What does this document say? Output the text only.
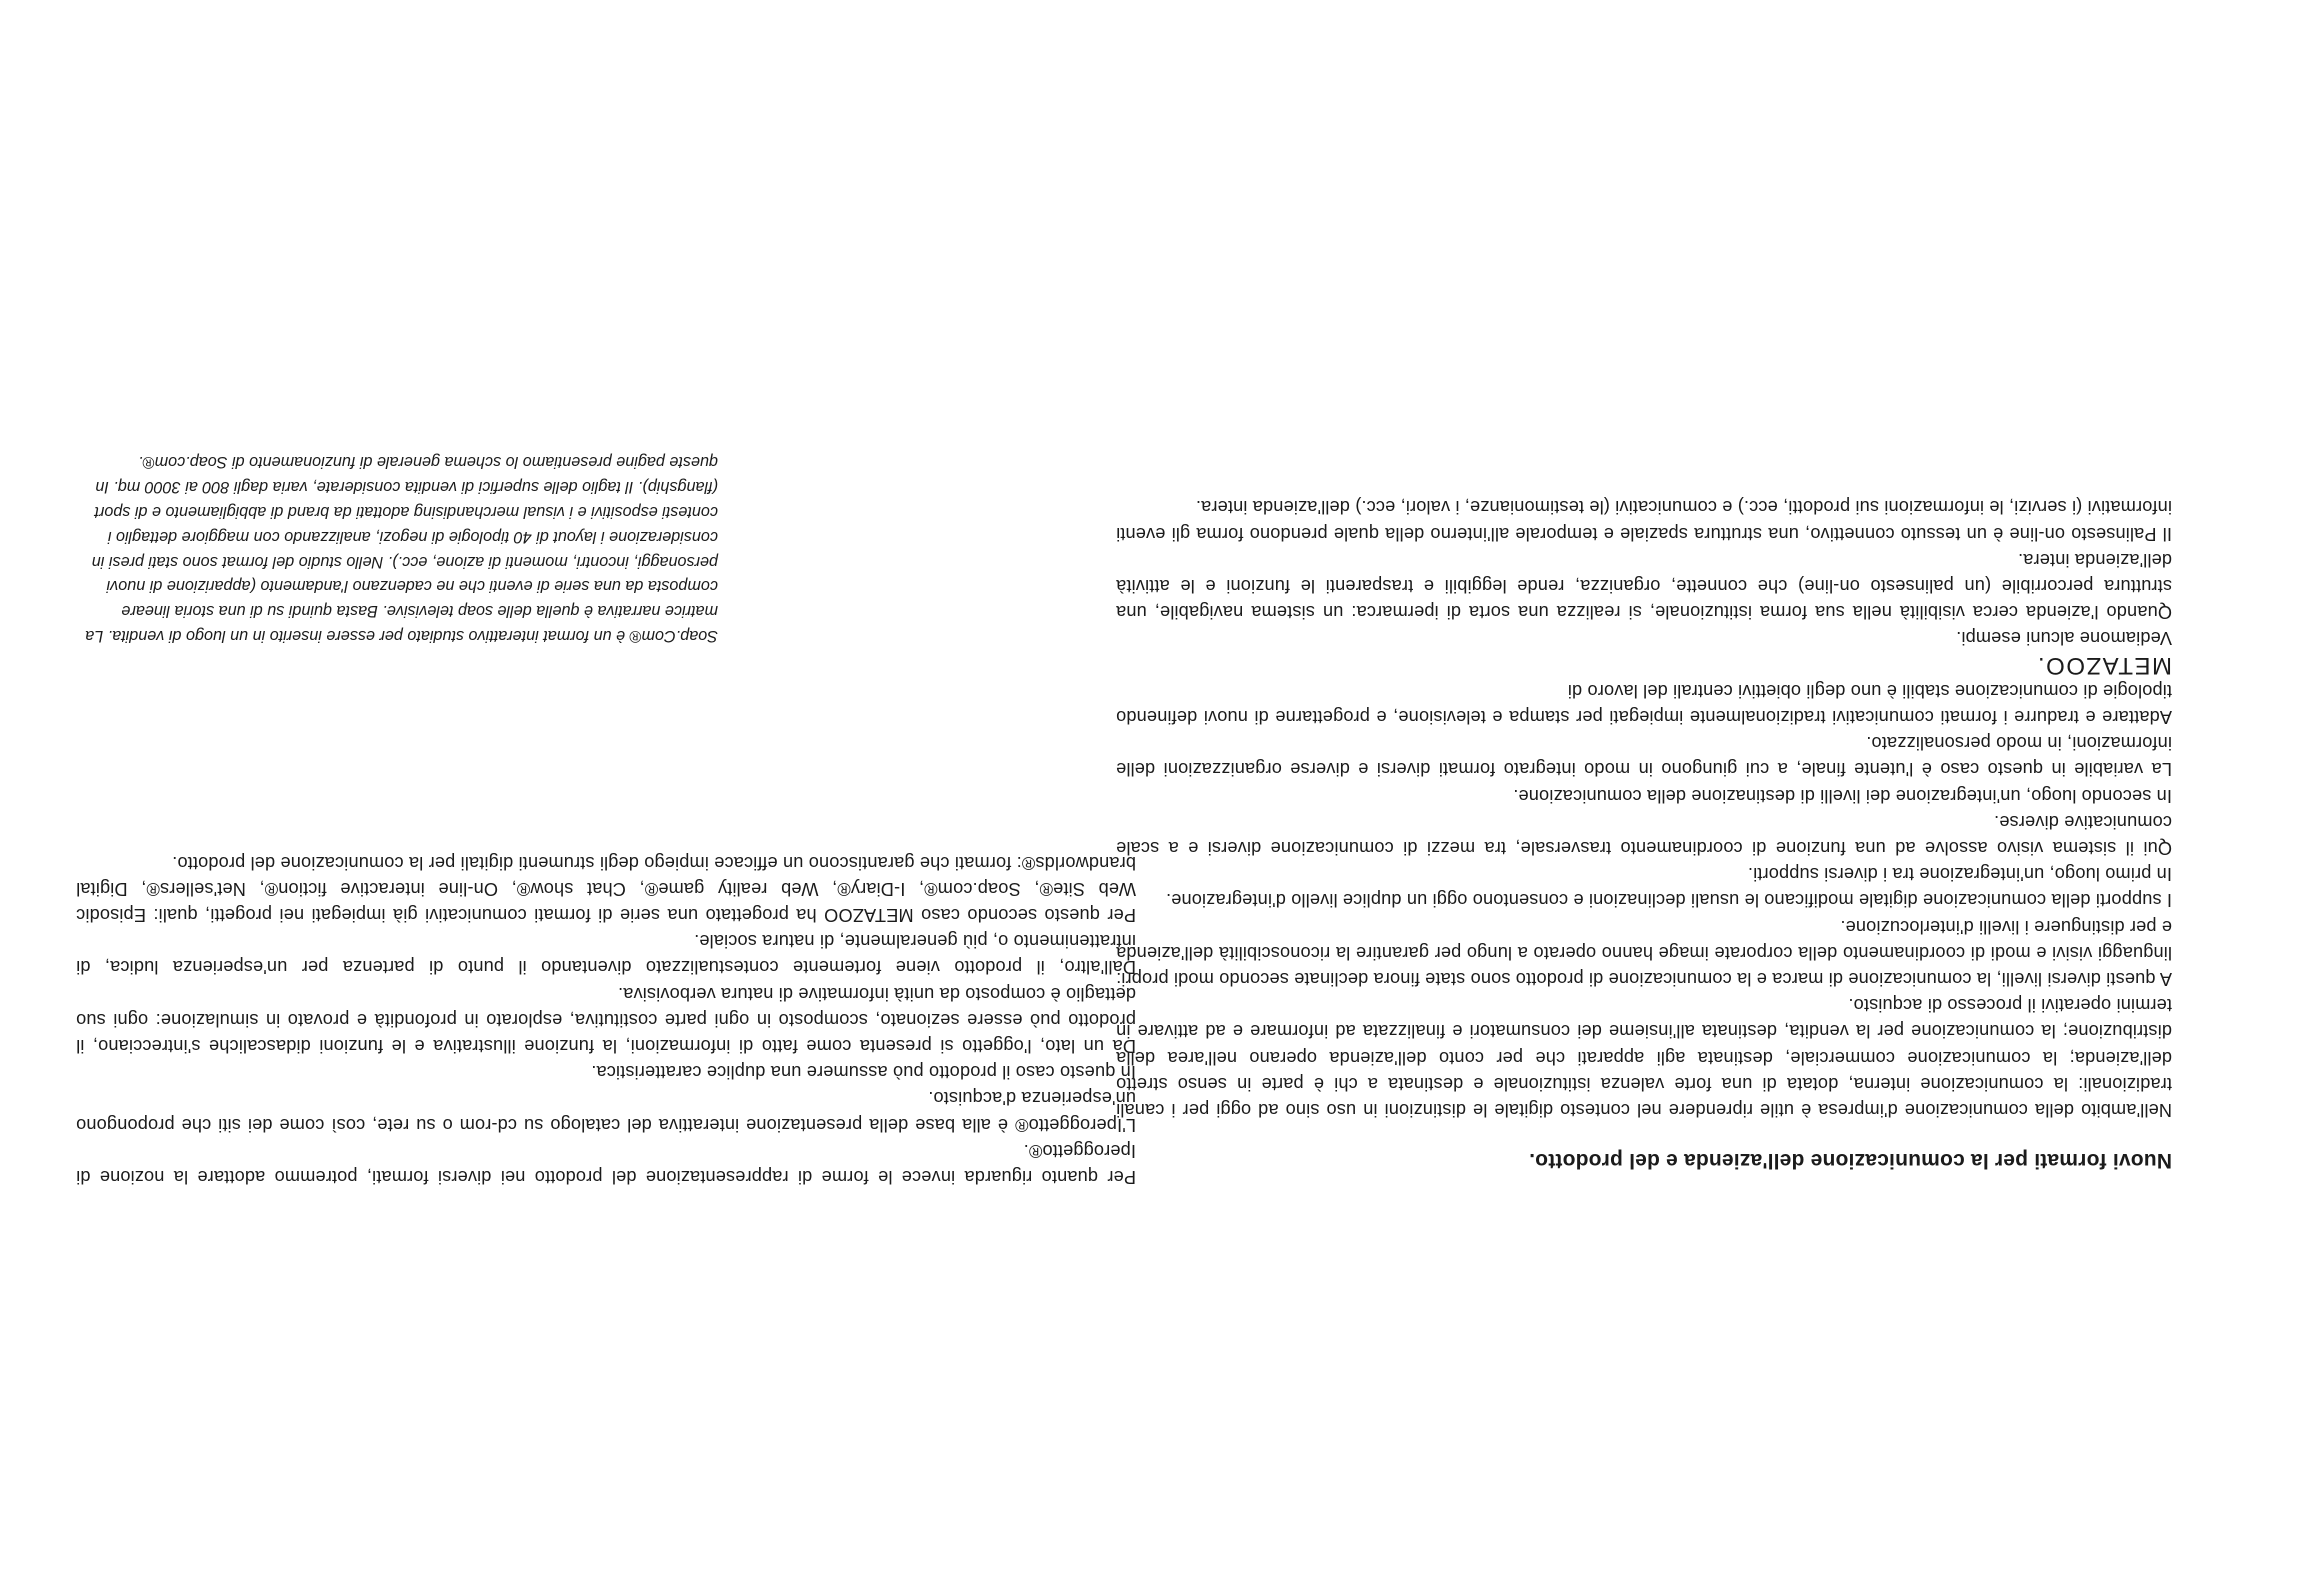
Nuovi formati per la comunicazione dell'azienda e del prodotto.

Nell'ambito della comunicazione d'impresa è utile riprendere nel contesto digitale le distinzioni in uso sino ad oggi per i canali tradizionali: la comunicazione interna, dotata di una forte valenza istituzionale e destinata a chi è parte in senso stretto dell'azienda; la comunicazione commerciale, destinata agli apparati che per conto dell'azienda operano nell'area della distribuzione; la comunicazione per la vendita, destinata all'insieme dei consumatori e finalizzata ad informare e ad attivare in termini operativi il processo di acquisto.

A questi diversi livelli, la comunicazione di marca e la comunicazione di prodotto sono state finora declinate secondo modi propri: linguaggi visivi e modi di coordinamento della corporate image hanno operato a lungo per garantire la riconoscibilità dell'azienda e per distinguere i livelli d'interlocuzione.

I supporti della comunicazione digitale modificano le usuali declinazioni e consentono oggi un duplice livello d'integrazione.

In primo luogo, un'integrazione tra i diversi supporti.

Qui il sistema visivo assolve ad una funzione di coordinamento trasversale, tra mezzi di comunicazione diversi e a scale comunicative diverse.

In secondo luogo, un'integrazione dei livelli di destinazione della comunicazione.

La variabile in questo caso è l'utente finale, a cui giungono in modo integrato formati diversi e diverse organizzazioni delle informazioni, in modo personalizzato.

Adattare e tradurre i formati comunicativi tradizionalmente impiegati per stampa e televisione, e progettarne di nuovi definendo tipologie di comunicazione stabili è uno degli obiettivi centrali del lavoro di

METAZOO.

Vediamone alcuni esempi.

Quando l'azienda cerca visibilità nella sua forma istituzionale, si realizza una sorta di ipermarca: un sistema navigabile, una struttura percorribile (un palinsesto on-line) che connette, organizza, rende leggibili e trasparenti le funzioni e le attività dell'azienda intera.

Il Palinsesto on-line è un tessuto connettivo, una struttura spaziale e temporale all'interno della quale prendono forma gli eventi informativi (i servizi, le informazioni sui prodotti, ecc.) e comunicativi (le testimonianze, i valori, ecc.) dell'azienda intera.

Per quanto riguarda invece le forme di rappresentazione del prodotto nei diversi formati, potremmo adottare la nozione di Iperoggetto®.

L'Iperoggetto® è alla base della presentazione interattiva del catalogo su cd-rom o su rete, così come dei siti che propongono un'esperienza d'acquisto.

In questo caso il prodotto può assumere una duplice caratteristica.

Da un lato, l'oggetto si presenta come fatto di informazioni, la funzione illustrativa e le funzioni didascaliche s'intrecciano, il prodotto può essere sezionato, scomposto in ogni parte costitutiva, esplorato in profondità e provato in simulazione: ogni suo dettaglio è composto da unità informative di natura verbovisiva.

Dall'altro, il prodotto viene fortemente contestualizzato diventando il punto di partenza per un'esperienza ludica, di intrattenimento o, più generalmente, di natura sociale.

Per questo secondo caso METAZOO ha progettato una serie di formati comunicativi già impiegati nei progetti, quali: Episodic Web Site®, Soap.com®, I-Diary®, Web reality game®, Chat show®, On-line interactive fiction®, Net'sellers®, Digital brandworlds®: formati che garantiscono un efficace impiego degli strumenti digitali per la comunicazione del prodotto.

Soap.Com® è un format interattivo studiato per essere inserito in un luogo di vendita. La matrice narrativa è quella delle soap televisive. Basta quindi su di una storia lineare composta da una serie di eventi che ne cadenzano l'andamento (apparizione di nuovi personaggi, incontri, momenti di azione, ecc.). Nello studio del format sono stati presi in considerazione i layout di 40 tipologie di negozi, analizzando con maggiore dettaglio i contesti espositivi e i visual merchandising adottati da brand di abbigliamento e di sport (flangship). Il taglio delle superfici di vendita considerate, varia dagli 800 ai 3000 mq. In queste pagine presentiamo lo schema generale di funzionamento di Soap.com®.
